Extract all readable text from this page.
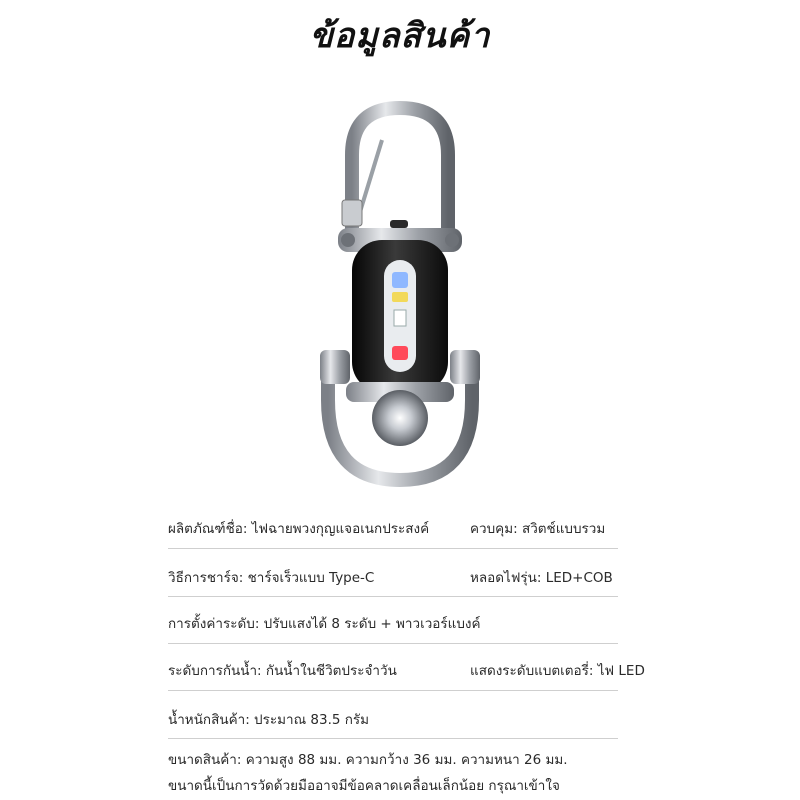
ข้อมูลสินค้า
ผลิตภัณฑ์ชื่อ: ไฟฉายพวงกุญแจอเนกประสงค์	ควบคุม: สวิตช์แบบรวม
วิธีการชาร์จ: ชาร์จเร็วแบบ Type-C	หลอดไฟรุ่น: LED+COB
การตั้งค่าระดับ: ปรับแสงได้ 8 ระดับ + พาวเวอร์แบงค์
ระดับการกันน้ำ: กันน้ำในชีวิตประจำวัน	แสดงระดับแบตเตอรี่: ไฟ LED
น้ำหนักสินค้า: ประมาณ 83.5 กรัม
ขนาดสินค้า: ความสูง 88 มม. ความกว้าง 36 มม. ความหนา 26 มม.
ขนาดนี้เป็นการวัดด้วยมืออาจมีข้อคลาดเคลื่อนเล็กน้อย กรุณาเข้าใจ
